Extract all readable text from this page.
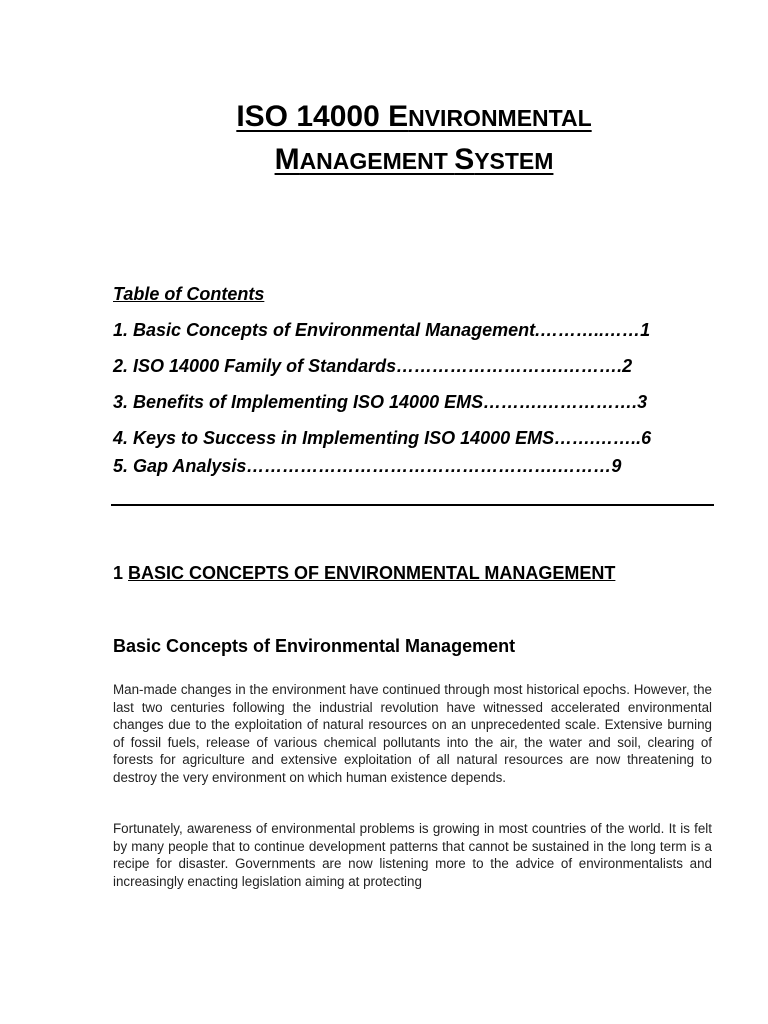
ISO 14000 ENVIRONMENTAL
MANAGEMENT SYSTEM
Table of Contents
1. Basic Concepts of Environmental Management.………..……1
2. ISO 14000 Family of Standards……………………….……….2
3. Benefits of Implementing ISO 14000 EMS……….…………….3
4. Keys to Success in Implementing ISO 14000 EMS…….……..6
5. Gap Analysis…………………………………………….………9
1 BASIC CONCEPTS OF ENVIRONMENTAL MANAGEMENT
Basic Concepts of Environmental Management

Man-made changes in the environment have continued through most historical epochs. However, the last two centuries following the industrial revolution have witnessed accelerated environmental changes due to the exploitation of natural resources on an unprecedented scale. Extensive burning of fossil fuels, release of various chemical pollutants into the air, the water and soil, clearing of forests for agriculture and extensive exploitation of all natural resources are now threatening to destroy the very environment on which human existence depends.

Fortunately, awareness of environmental problems is growing in most countries of the world. It is felt by many people that to continue development patterns that cannot be sustained in the long term is a recipe for disaster. Governments are now listening more to the advice of environmentalists and increasingly enacting legislation aiming at protecting
